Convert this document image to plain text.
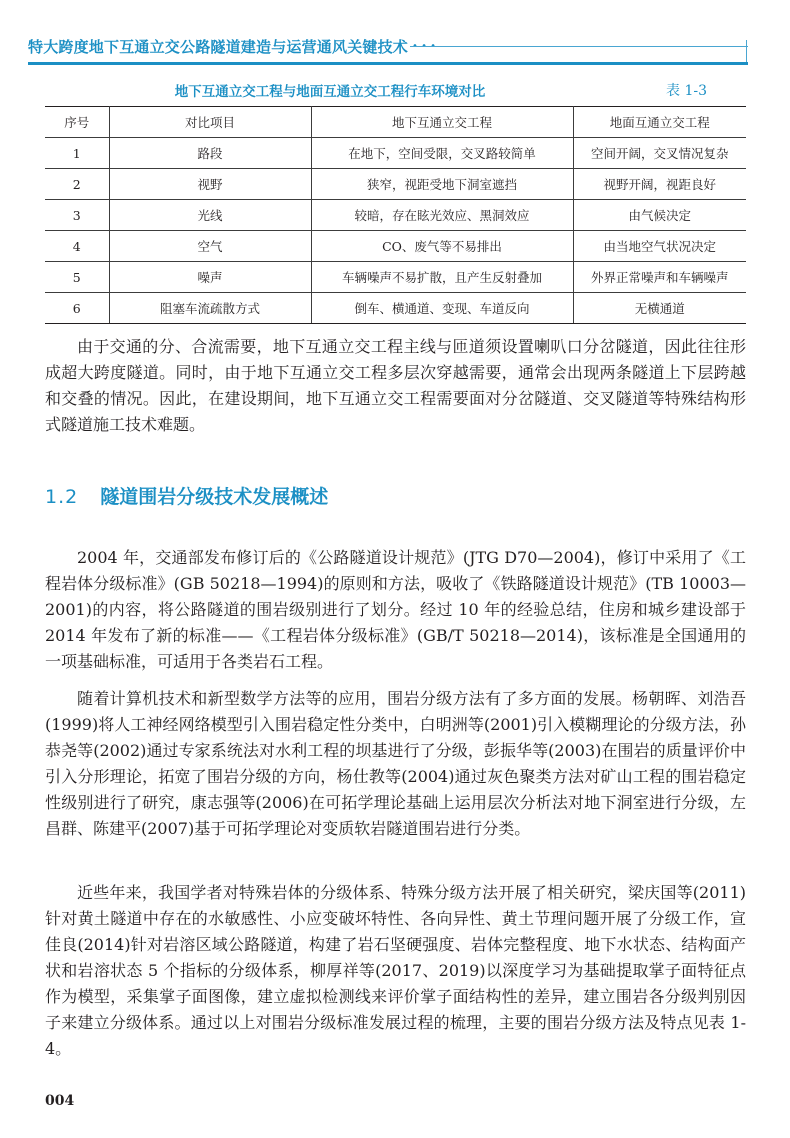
特大跨度地下互通立交公路隧道建造与运营通风关键技术 • • •
地下互通立交工程与地面互通立交工程行车环境对比	表 1-3
序号	对比项目	地下互通立交工程	地面互通立交工程
1	路段	在地下，空间受限，交叉路较简单	空间开阔，交叉情况复杂
2	视野	狭窄，视距受地下洞室遮挡	视野开阔，视距良好
3	光线	较暗，存在眩光效应、黑洞效应	由气候决定
4	空气	CO、废气等不易排出	由当地空气状况决定
5	噪声	车辆噪声不易扩散，且产生反射叠加	外界正常噪声和车辆噪声
6	阻塞车流疏散方式	倒车、横通道、变现、车道反向	无横通道

由于交通的分、合流需要，地下互通立交工程主线与匝道须设置喇叭口分岔隧道，因此往往形成超大跨度隧道。同时，由于地下互通立交工程多层次穿越需要，通常会出现两条隧道上下层跨越和交叠的情况。因此，在建设期间，地下互通立交工程需要面对分岔隧道、交叉隧道等特殊结构形式隧道施工技术难题。

1.2 隧道围岩分级技术发展概述

2004 年，交通部发布修订后的《公路隧道设计规范》(JTG D70—2004)，修订中采用了《工程岩体分级标准》(GB 50218—1994)的原则和方法，吸收了《铁路隧道设计规范》(TB 10003—2001)的内容，将公路隧道的围岩级别进行了划分。经过 10 年的经验总结，住房和城乡建设部于 2014 年发布了新的标准——《工程岩体分级标准》(GB/T 50218—2014)，该标准是全国通用的一项基础标准，可适用于各类岩石工程。

随着计算机技术和新型数学方法等的应用，围岩分级方法有了多方面的发展。杨朝晖、刘浩吾(1999)将人工神经网络模型引入围岩稳定性分类中，白明洲等(2001)引入模糊理论的分级方法，孙恭尧等(2002)通过专家系统法对水利工程的坝基进行了分级，彭振华等(2003)在围岩的质量评价中引入分形理论，拓宽了围岩分级的方向，杨仕教等(2004)通过灰色聚类方法对矿山工程的围岩稳定性级别进行了研究，康志强等(2006)在可拓学理论基础上运用层次分析法对地下洞室进行分级，左昌群、陈建平(2007)基于可拓学理论对变质软岩隧道围岩进行分类。

近些年来，我国学者对特殊岩体的分级体系、特殊分级方法开展了相关研究，梁庆国等(2011)针对黄土隧道中存在的水敏感性、小应变破坏特性、各向异性、黄土节理问题开展了分级工作，宣佳良(2014)针对岩溶区域公路隧道，构建了岩石坚硬强度、岩体完整程度、地下水状态、结构面产状和岩溶状态 5 个指标的分级体系，柳厚祥等(2017、2019)以深度学习为基础提取掌子面特征点作为模型，采集掌子面图像，建立虚拟检测线来评价掌子面结构性的差异，建立围岩各分级判别因子来建立分级体系。通过以上对围岩分级标准发展过程的梳理，主要的围岩分级方法及特点见表 1-4。

004
